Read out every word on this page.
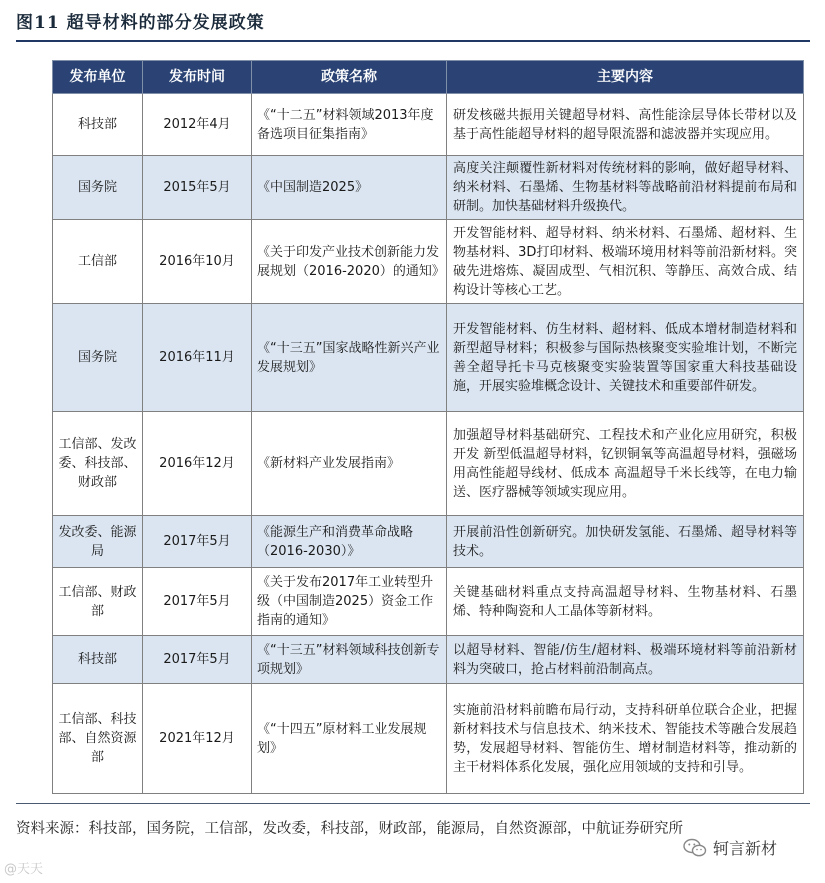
图11 超导材料的部分发展政策
发布单位	发布时间	政策名称	主要内容
科技部	2012年4月	《“十二五”材料领域2013年度备选项目征集指南》	研发核磁共振用关键超导材料、高性能涂层导体长带材以及基于高性能超导材料的超导限流器和滤波器并实现应用。
国务院	2015年5月	《中国制造2025》	高度关注颠覆性新材料对传统材料的影响，做好超导材料、纳米材料、石墨烯、生物基材料等战略前沿材料提前布局和研制。加快基础材料升级换代。
工信部	2016年10月	《关于印发产业技术创新能力发展规划（2016-2020）的通知》	开发智能材料、超导材料、纳米材料、石墨烯、超材料、生物基材料、3D打印材料、极端环境用材料等前沿新材料。突破先进熔炼、凝固成型、气相沉积、等静压、高效合成、结构设计等核心工艺。
国务院	2016年11月	《“十三五”国家战略性新兴产业发展规划》	开发智能材料、仿生材料、超材料、低成本增材制造材料和新型超导材料；积极参与国际热核聚变实验堆计划，不断完善全超导托卡马克核聚变实验装置等国家重大科技基础设施，开展实验堆概念设计、关键技术和重要部件研发。
工信部、发改委、科技部、财政部	2016年12月	《新材料产业发展指南》	加强超导材料基础研究、工程技术和产业化应用研究，积极开发 新型低温超导材料，钇钡铜氧等高温超导材料，强磁场用高性能超导线材、低成本 高温超导千米长线等，在电力输送、医疗器械等领域实现应用。
发改委、能源局	2017年5月	《能源生产和消费革命战略（2016-2030）》	开展前沿性创新研究。加快研发氢能、石墨烯、超导材料等技术。
工信部、财政部	2017年5月	《关于发布2017年工业转型升级（中国制造2025）资金工作指南的通知》	关键基础材料重点支持高温超导材料、生物基材料、石墨烯、特种陶瓷和人工晶体等新材料。
科技部	2017年5月	《“十三五”材料领域科技创新专项规划》	以超导材料、智能/仿生/超材料、极端环境材料等前沿新材料为突破口，抢占材料前沿制高点。
工信部、科技部、自然资源部	2021年12月	《“十四五”原材料工业发展规划》	实施前沿材料前瞻布局行动，支持科研单位联合企业，把握新材料技术与信息技术、纳米技术、智能技术等融合发展趋势，发展超导材料、智能仿生、增材制造材料等，推动新的主干材料体系化发展，强化应用领域的支持和引导。
资料来源：科技部，国务院，工信部，发改委，科技部，财政部，能源局，自然资源部，中航证券研究所
@天天
轲言新材
